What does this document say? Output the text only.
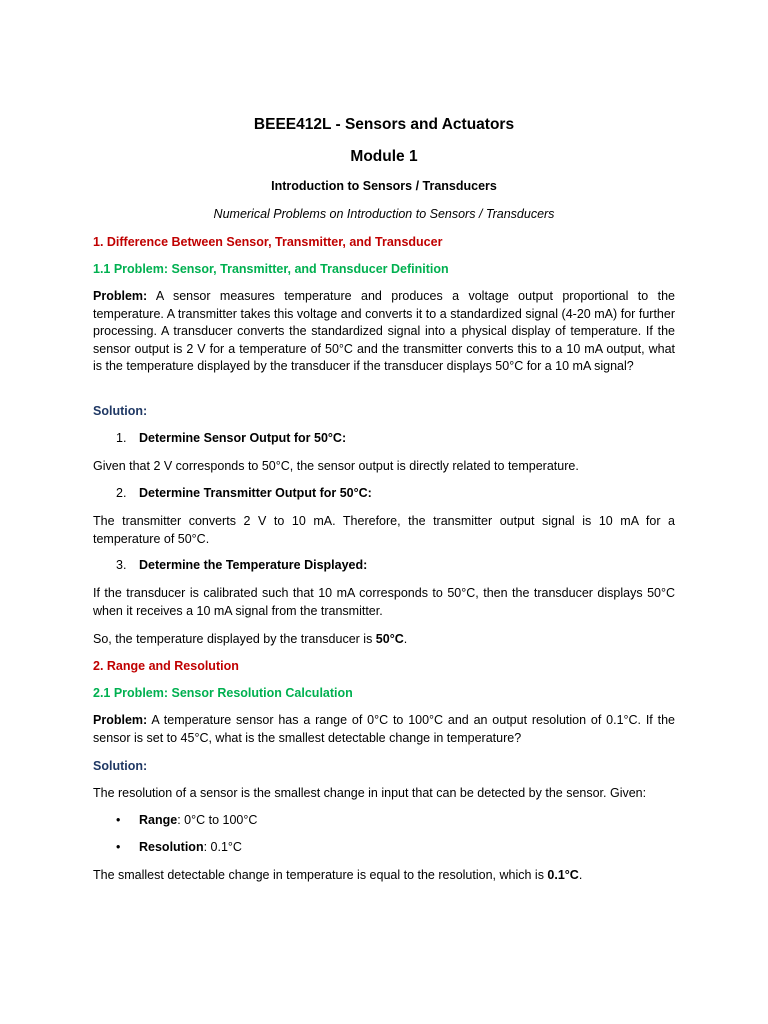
BEEE412L - Sensors and Actuators
Module 1
Introduction to Sensors / Transducers
Numerical Problems on Introduction to Sensors / Transducers
1. Difference Between Sensor, Transmitter, and Transducer
1.1 Problem: Sensor, Transmitter, and Transducer Definition
Problem: A sensor measures temperature and produces a voltage output proportional to the temperature. A transmitter takes this voltage and converts it to a standardized signal (4-20 mA) for further processing. A transducer converts the standardized signal into a physical display of temperature. If the sensor output is 2 V for a temperature of 50°C and the transmitter converts this to a 10 mA output, what is the temperature displayed by the transducer if the transducer displays 50°C for a 10 mA signal?
Solution:
1. Determine Sensor Output for 50°C:
Given that 2 V corresponds to 50°C, the sensor output is directly related to temperature.
2. Determine Transmitter Output for 50°C:
The transmitter converts 2 V to 10 mA. Therefore, the transmitter output signal is 10 mA for a temperature of 50°C.
3. Determine the Temperature Displayed:
If the transducer is calibrated such that 10 mA corresponds to 50°C, then the transducer displays 50°C when it receives a 10 mA signal from the transmitter.
So, the temperature displayed by the transducer is 50°C.
2. Range and Resolution
2.1 Problem: Sensor Resolution Calculation
Problem: A temperature sensor has a range of 0°C to 100°C and an output resolution of 0.1°C. If the sensor is set to 45°C, what is the smallest detectable change in temperature?
Solution:
The resolution of a sensor is the smallest change in input that can be detected by the sensor. Given:
• Range: 0°C to 100°C
• Resolution: 0.1°C
The smallest detectable change in temperature is equal to the resolution, which is 0.1°C.
